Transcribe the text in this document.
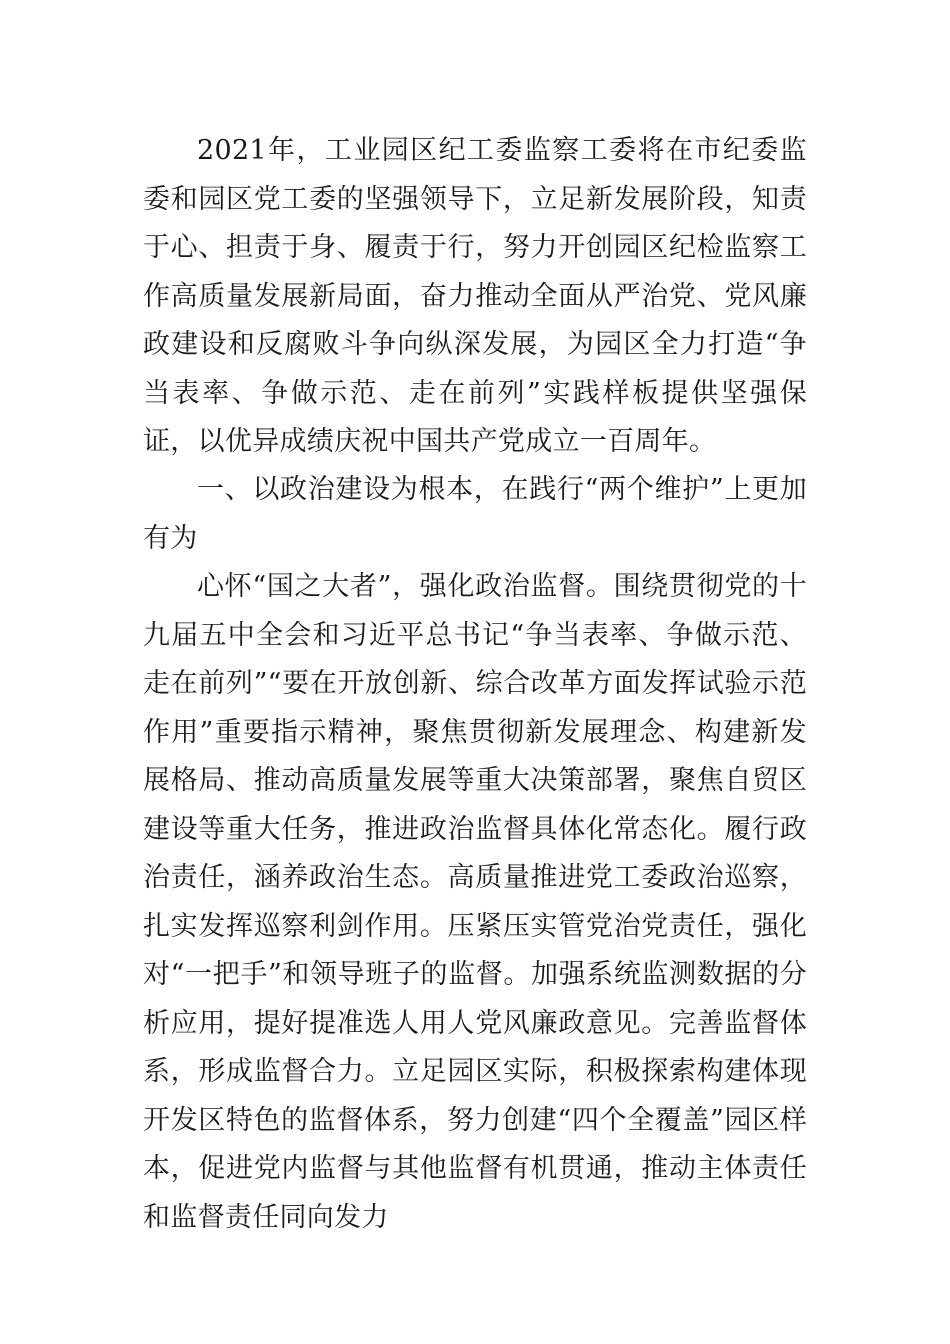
2021年，工业园区纪工委监察工委将在市纪委监委和园区党工委的坚强领导下，立足新发展阶段，知责于心、担责于身、履责于行，努力开创园区纪检监察工作高质量发展新局面，奋力推动全面从严治党、党风廉政建设和反腐败斗争向纵深发展，为园区全力打造“争当表率、争做示范、走在前列”实践样板提供坚强保证，以优异成绩庆祝中国共产党成立一百周年。

一、以政治建设为根本，在践行“两个维护”上更加有为

心怀“国之大者”，强化政治监督。围绕贯彻党的十九届五中全会和习近平总书记“争当表率、争做示范、走在前列”“要在开放创新、综合改革方面发挥试验示范作用”重要指示精神，聚焦贯彻新发展理念、构建新发展格局、推动高质量发展等重大决策部署，聚焦自贸区建设等重大任务，推进政治监督具体化常态化。履行政治责任，涵养政治生态。高质量推进党工委政治巡察，扎实发挥巡察利剑作用。压紧压实管党治党责任，强化对“一把手”和领导班子的监督。加强系统监测数据的分析应用，提好提准选人用人党风廉政意见。完善监督体系，形成监督合力。立足园区实际，积极探索构建体现开发区特色的监督体系，努力创建“四个全覆盖”园区样本，促进党内监督与其他监督有机贯通，推动主体责任和监督责任同向发力
